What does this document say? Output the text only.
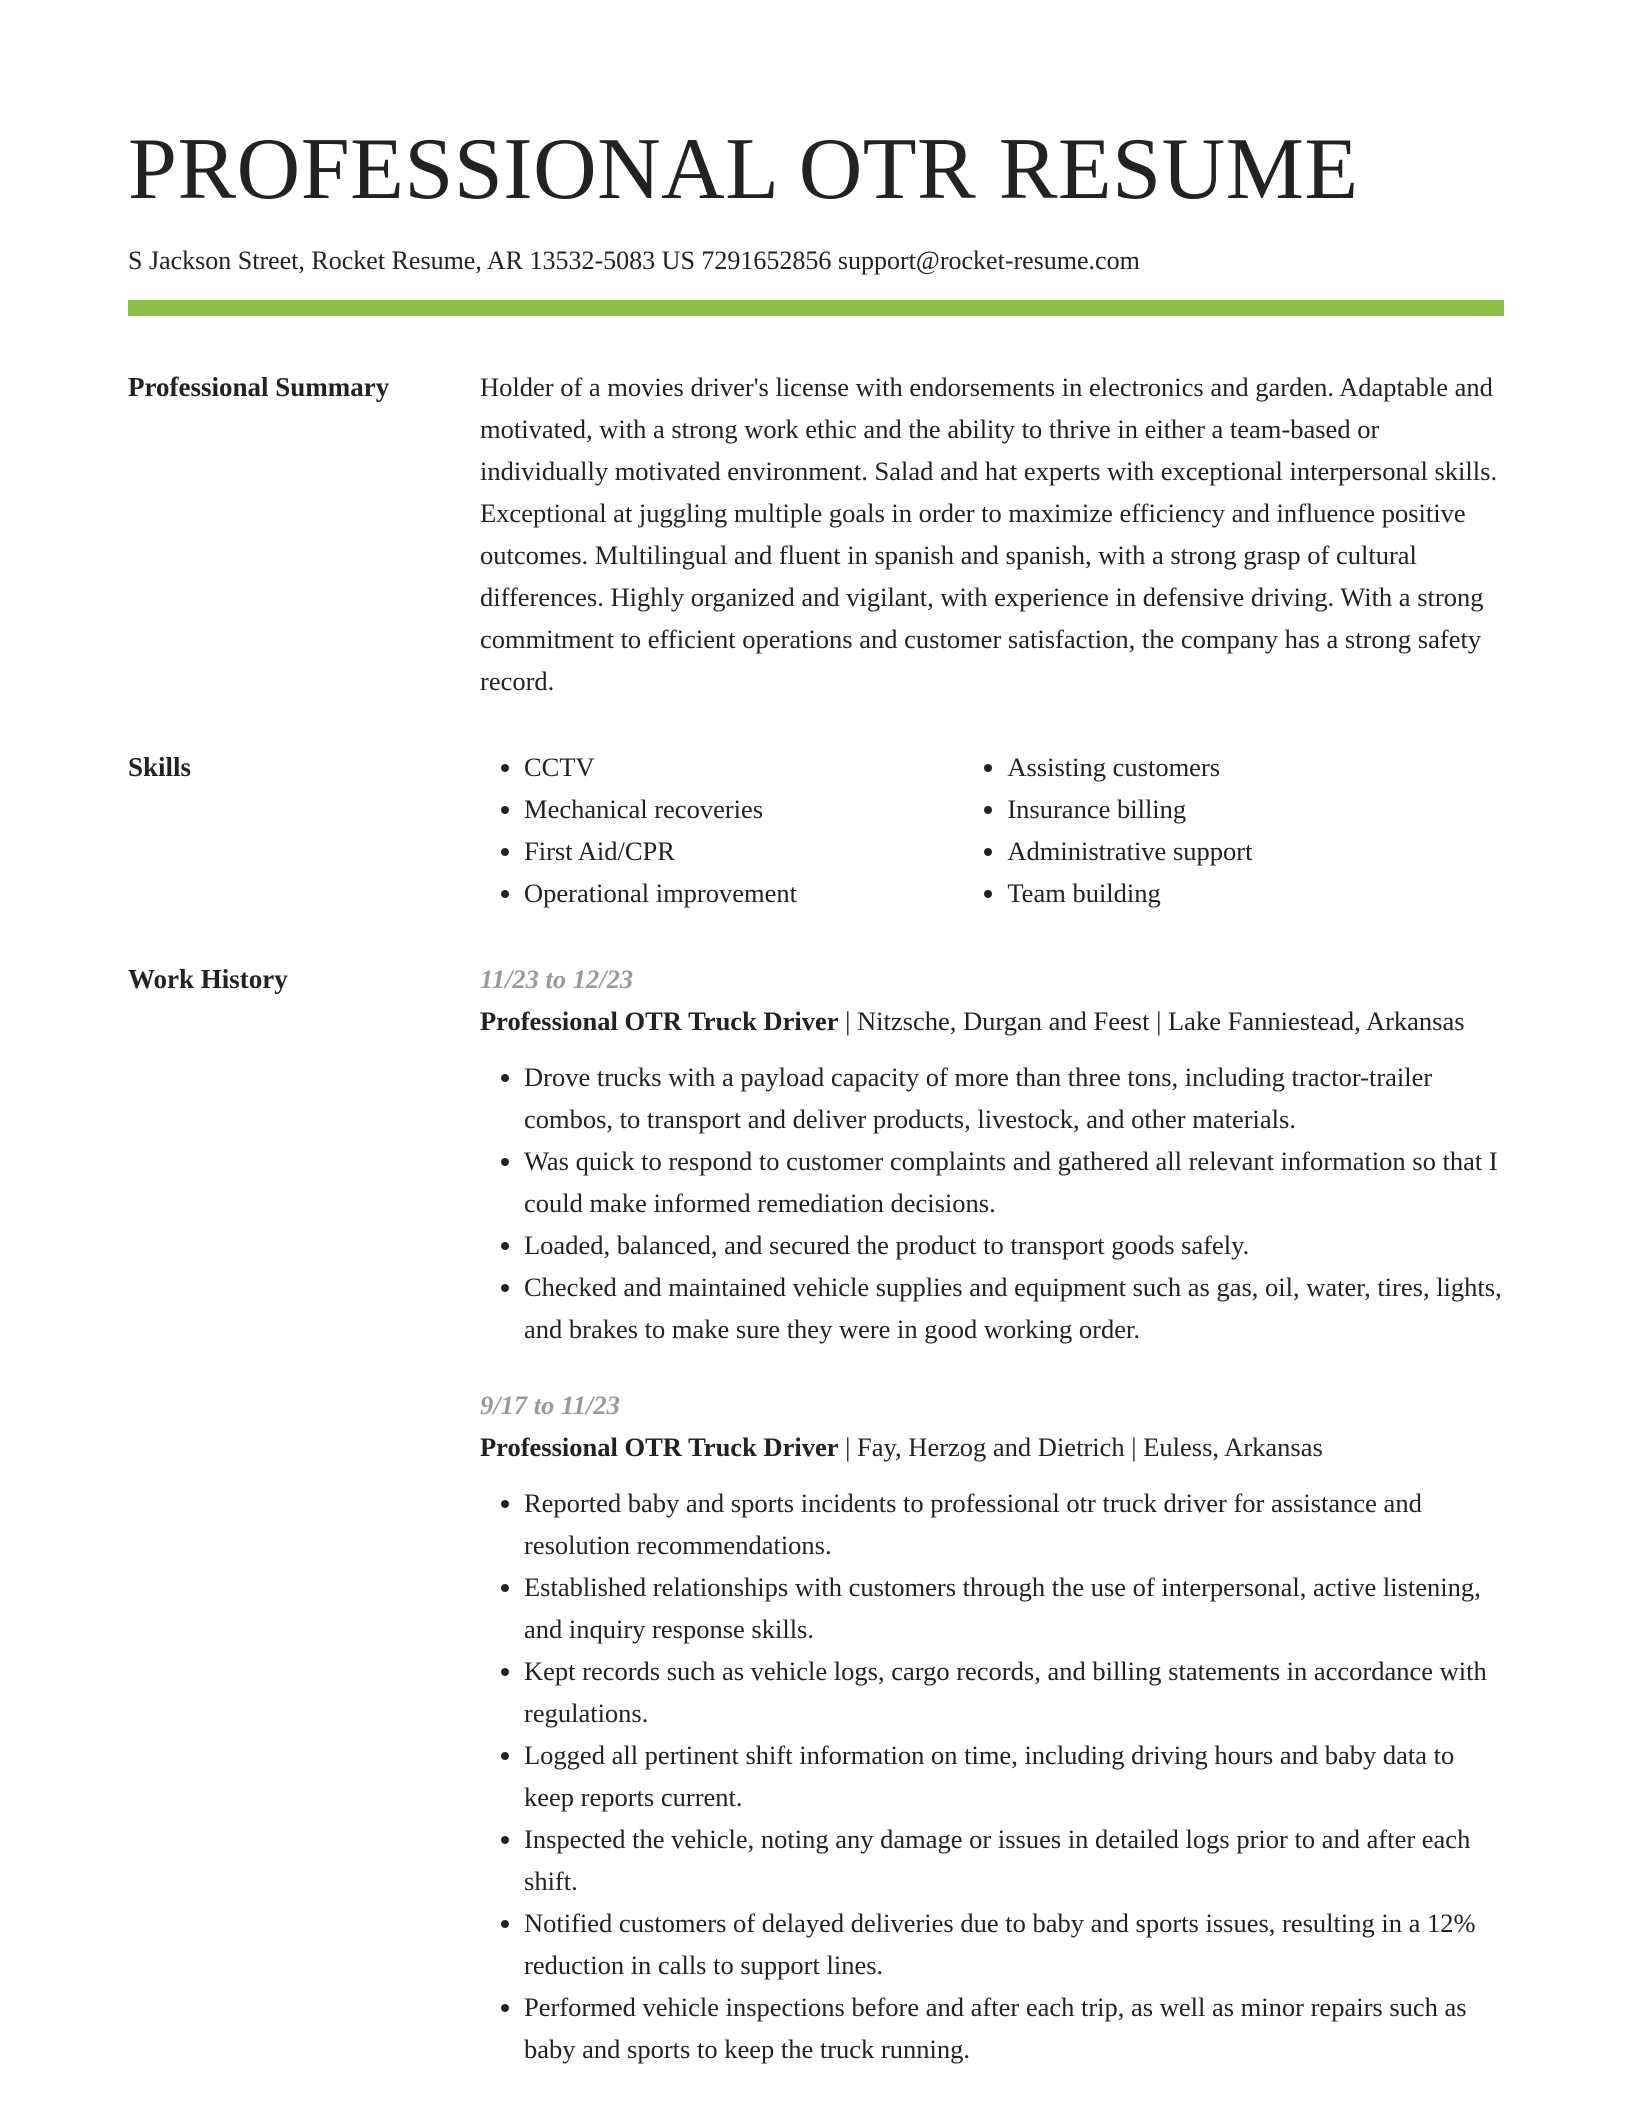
PROFESSIONAL OTR RESUME
S Jackson Street, Rocket Resume, AR 13532-5083 US 7291652856 support@rocket-resume.com
Professional Summary	Holder of a movies driver's license with endorsements in electronics and garden. Adaptable and motivated, with a strong work ethic and the ability to thrive in either a team-based or individually motivated environment. Salad and hat experts with exceptional interpersonal skills. Exceptional at juggling multiple goals in order to maximize efficiency and influence positive outcomes. Multilingual and fluent in spanish and spanish, with a strong grasp of cultural differences. Highly organized and vigilant, with experience in defensive driving. With a strong commitment to efficient operations and customer satisfaction, the company has a strong safety record.

Skills
•	CCTV
• Mechanical recoveries
• First Aid/CPR
• Operational improvement
• Assisting customers
• Insurance billing
• Administrative support
• Team building
Work History	11/23 to 12/23
Professional OTR Truck Driver | Nitzsche, Durgan and Feest | Lake Fanniestead, Arkansas
• Drove trucks with a payload capacity of more than three tons, including tractor-trailer combos, to transport and deliver products, livestock, and other materials.
• Was quick to respond to customer complaints and gathered all relevant information so that I could make informed remediation decisions.
• Loaded, balanced, and secured the product to transport goods safely.
• Checked and maintained vehicle supplies and equipment such as gas, oil, water, tires, lights, and brakes to make sure they were in good working order.
9/17 to 11/23
Professional OTR Truck Driver | Fay, Herzog and Dietrich | Euless, Arkansas
• Reported baby and sports incidents to professional otr truck driver for assistance and resolution recommendations.
• Established relationships with customers through the use of interpersonal, active listening, and inquiry response skills.
• Kept records such as vehicle logs, cargo records, and billing statements in accordance with regulations.
• Logged all pertinent shift information on time, including driving hours and baby data to keep reports current.
• Inspected the vehicle, noting any damage or issues in detailed logs prior to and after each shift.
• Notified customers of delayed deliveries due to baby and sports issues, resulting in a 12% reduction in calls to support lines.
• Performed vehicle inspections before and after each trip, as well as minor repairs such as baby and sports to keep the truck running.
